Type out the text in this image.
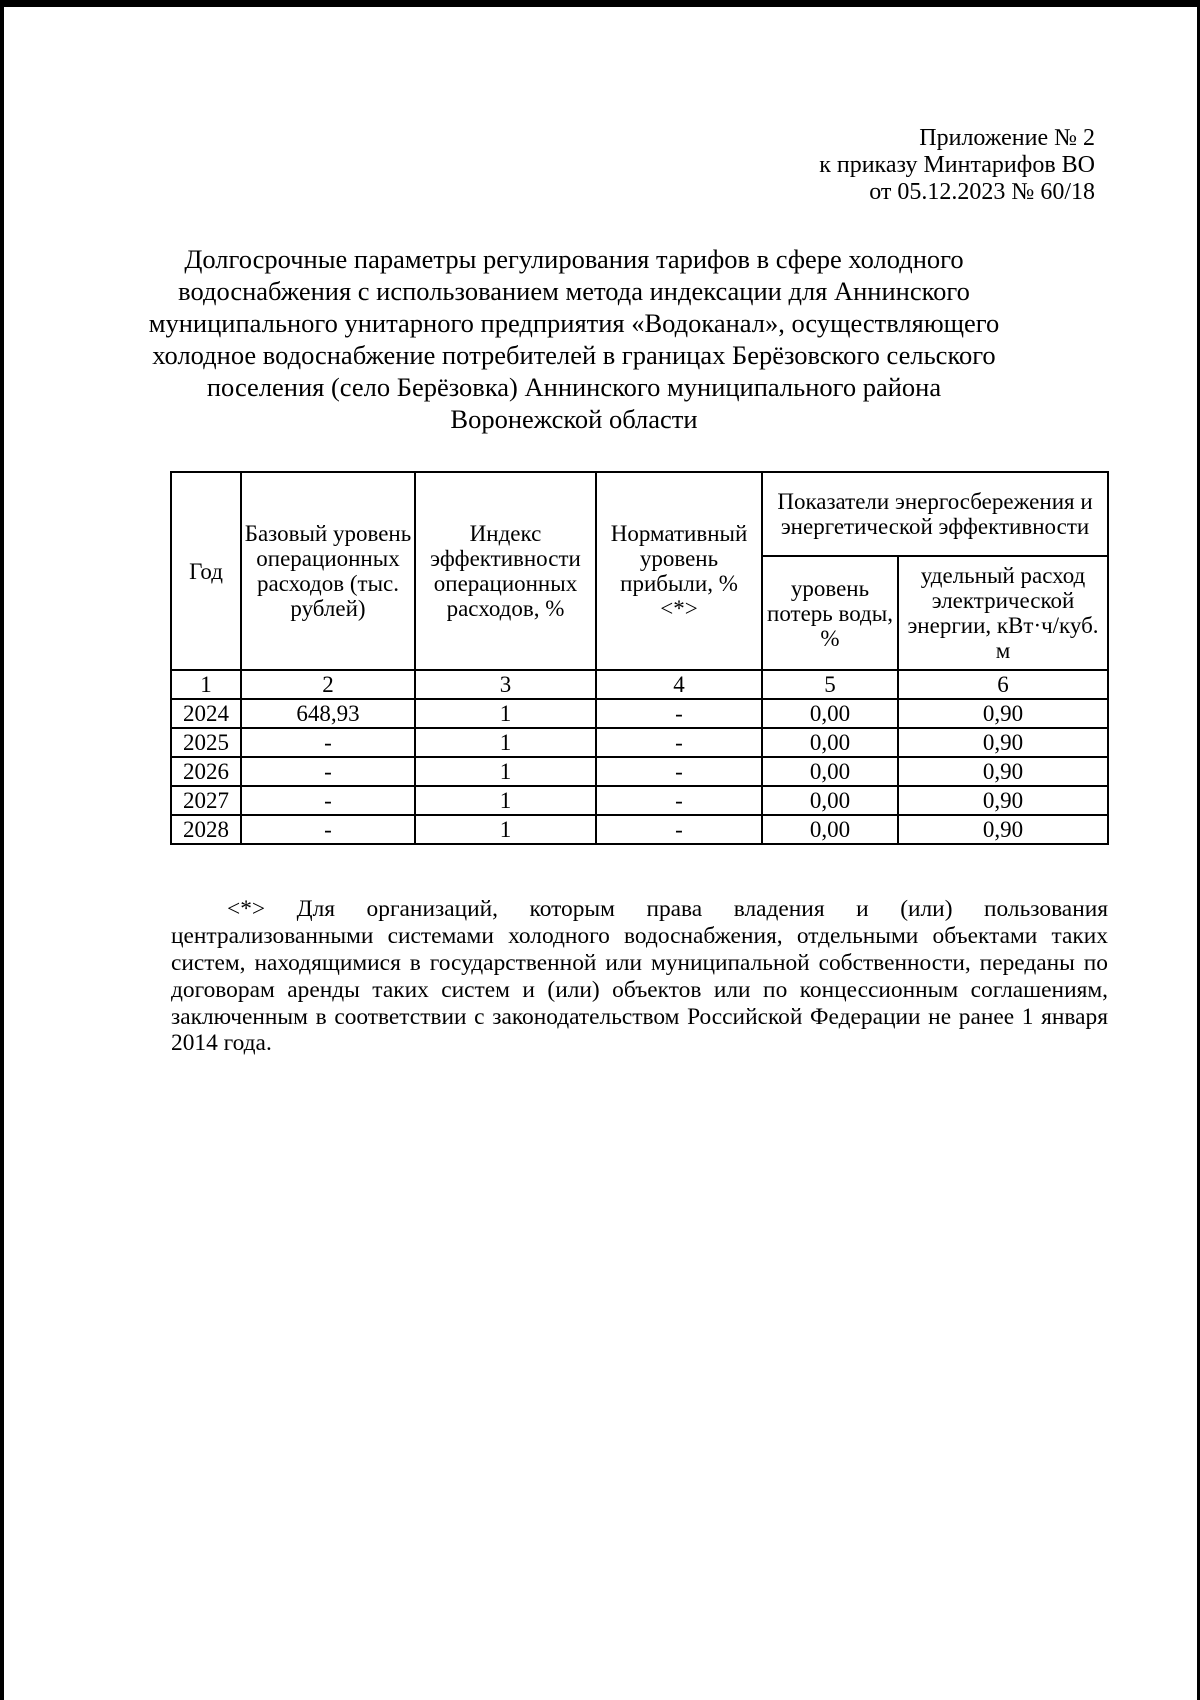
Приложение № 2
к приказу Минтарифов ВО
от 05.12.2023 № 60/18
Долгосрочные параметры регулирования тарифов в сфере холодного
водоснабжения с использованием метода индексации для Аннинского
муниципального унитарного предприятия «Водоканал», осуществляющего
холодное водоснабжение потребителей в границах Берёзовского сельского
поселения (село Берёзовка) Аннинского муниципального района
Воронежской области
Год	Базовый уровень операционных расходов (тыс. рублей)	Индекс эффективности операционных расходов, %	Нормативный уровень прибыли, % <*>	Показатели энергосбережения и энергетической эффективности	
				уровень потерь воды, %	удельный расход электрической энергии, кВт·ч/куб. м
1	2	3	4	5	6
2024	648,93	1	-	0,00	0,90
2025	-	1	-	0,00	0,90
2026	-	1	-	0,00	0,90
2027	-	1	-	0,00	0,90
2028	-	1	-	0,00	0,90

<*> Для организаций, которым права владения и (или) пользования централизованными системами холодного водоснабжения, отдельными объектами таких систем, находящимися в государственной или муниципальной собственности, переданы по договорам аренды таких систем и (или) объектов или по концессионным соглашениям, заключенным в соответствии с законодательством Российской Федерации не ранее 1 января 2014 года.
